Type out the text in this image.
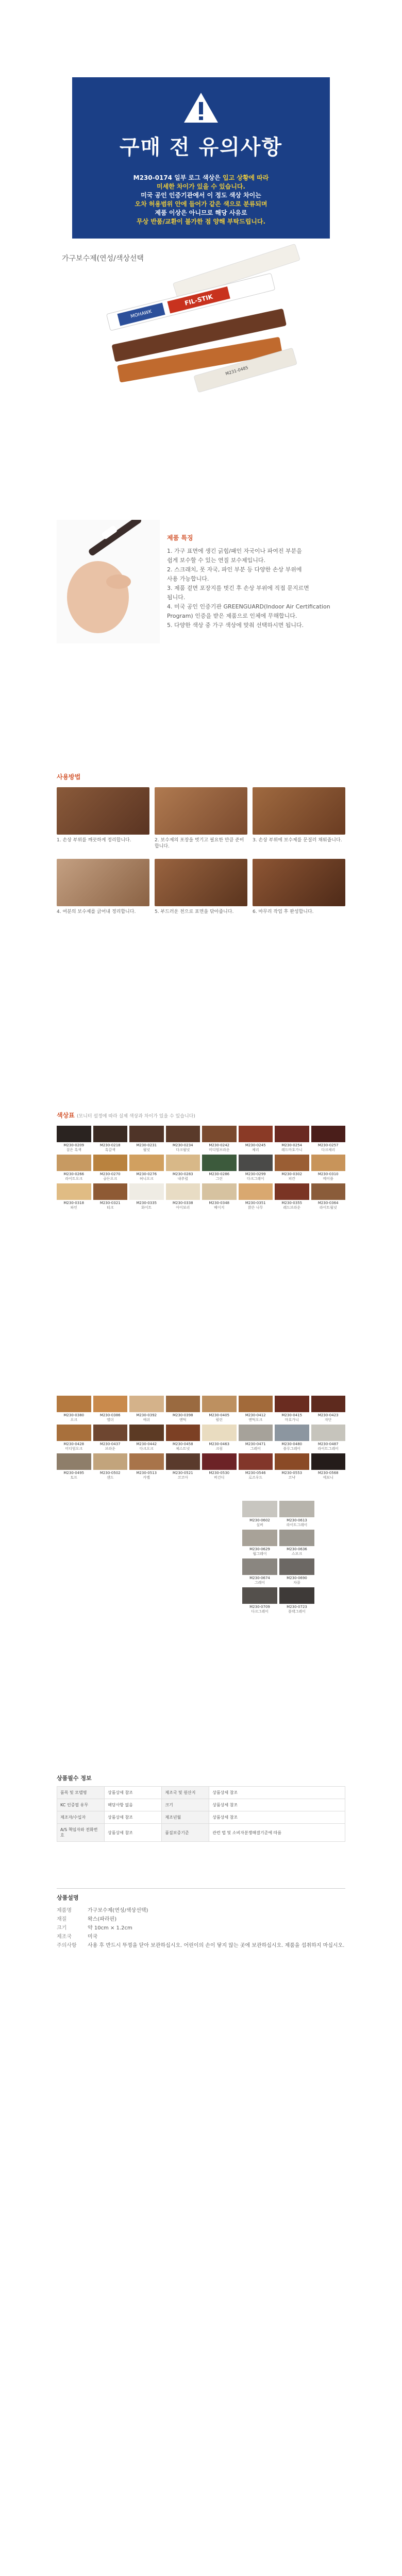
구매 전 유의사항

M230-0174 일부 로그 색상은 입고 상황에 따라
미세한 차이가 있을 수 있습니다.
미국 공인 인증기관에서 이 정도 색상 차이는
오차 허용범위 안에 들어가 같은 색으로 분류되며
제품 이상은 아니므로 해당 사유로
무상 반품/교환이 불가한 점 양해 부탁드립니다.

가구보수제(연성/색상선택
MOHAWK
FIL-STIK
M231-0485
제품 특징
1. 가구 표면에 생긴 긁힘/패인 자국이나 파여진 부분을
쉽게 보수할 수 있는 연질 보수제입니다.
2. 스크래치, 못 자국, 파인 부분 등 다양한 손상 부위에
사용 가능합니다.
3. 제품 겉면 포장지를 벗긴 후 손상 부위에 직접 문지르면
됩니다.
4. 미국 공인 인증기관 GREENGUARD(Indoor Air Certification
Program) 인증을 받은 제품으로 인체에 무해합니다.
5. 다양한 색상 중 가구 색상에 맞춰 선택하시면 됩니다.
사용방법
1. 손상 부위를 깨끗하게 정리합니다.	2. 보수제의 포장을 벗기고 필요한 만큼 준비합니다.
3. 손상 부위에 보수제를 문질러 채워줍니다.
4. 여분의 보수제를 긁어내 정리합니다.	5. 부드러운 천으로 표면을 닦아줍니다.	6. 마무리 작업 후 완성합니다.
색상표 (모니터 설정에 따라 실제 색상과 차이가 있을 수 있습니다)
M230-0209
짙은 흑색
M230-0218
흑갈색
M230-0231
월넛
M230-0234
다크월넛
M230-0242
미디엄브라운
M230-0245
체리
M230-0254
레드마호가니
M230-0257
다크체리
M230-0266
라이트오크
M230-0270
골든오크
M230-0276
허니오크
M230-0283
내추럴
M230-0286
그린
M230-0299
다크그레이
M230-0302
피칸
M230-0310
메이플
M230-0318
파인
M230-0321
티크
M230-0335
화이트
M230-0338
아이보리
M230-0348
베이지
M230-0351
밝은 나무
M230-0355
레드브라운
M230-0364
라이트월넛
M230-0380
오크
M230-0386
엘더
M230-0392
애쉬
M230-0398
앤틱
M230-0405
펄린
M230-0412
앤틱오크
M230-0415
마호가니
M230-0423
자단
M230-0428
미디엄오크
M230-0437
브라운
M230-0442
다크오크
M230-0458
체스트넛
M230-0463
크림
M230-0471
그레이
M230-0480
블루그레이
M230-0487
라이트그레이
M230-0495
토프
M230-0502
샌드
M230-0513
카멜
M230-0521
코코아
M230-0530
버건디
M230-0546
로즈우드
M230-0553
코냑
M230-0568
에보니
M230-0602
실버
M230-0613
라이트그레이
M230-0629
웜그레이
M230-0636
스모크
M230-0674
그레이
M230-0690
차콜
M230-0709
다크그레이
M230-0723
블랙그레이
상품필수 정보
품목 및 모델명	상품상세 참조	제조국 및 원산지	상품상세 참조
KC 인증필 유무	해당사항 없음	크기	상품상세 참조
제조자/수입자	상품상세 참조	제조년월	상품상세 참조
A/S 책임자와 전화번호	상품상세 참조	품질보증기준	관련 법 및 소비자분쟁해결기준에 따름
상품설명
제품명	가구보수제(연성/색상선택)
재질	왁스(파라핀)
크기	약 10cm × 1.2cm
제조국	미국
주의사항	사용 후 반드시 뚜껑을 닫아 보관하십시오. 어린이의 손이 닿지 않는 곳에 보관하십시오. 제품을 섭취하지 마십시오.
